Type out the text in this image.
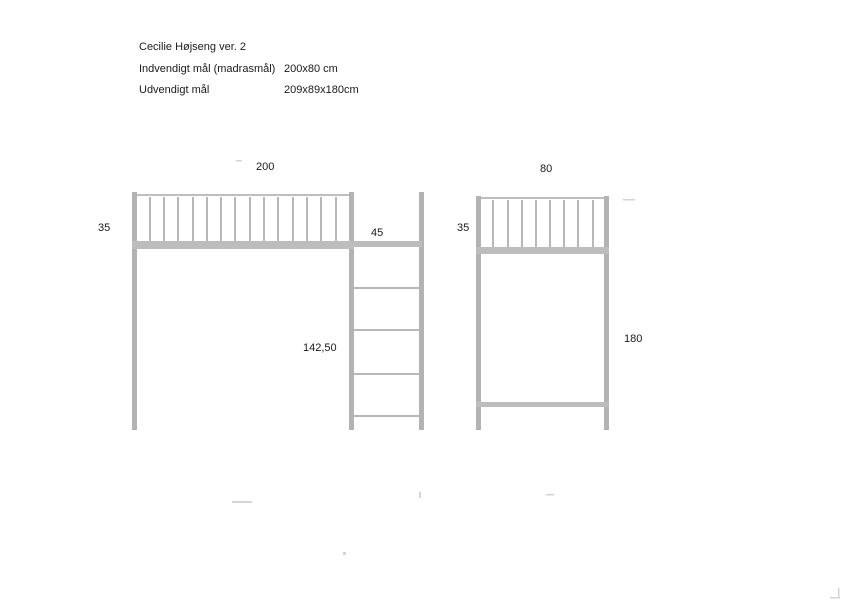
Cecilie Højseng ver. 2
Indvendigt mål (madrasmål) 200x80 cm
Udvendigt mål	209x89x180cm
200
35	45
142,50
80
35
180
